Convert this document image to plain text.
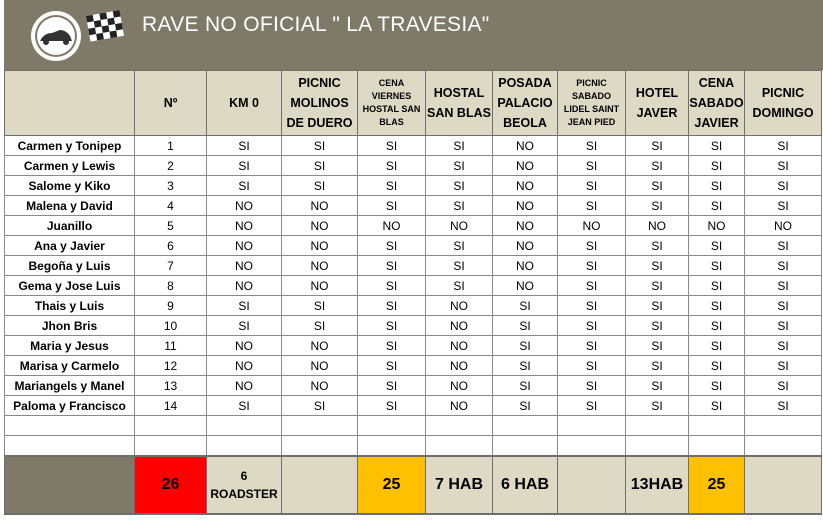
RAVE NO OFICIAL " LA TRAVESIA"
	Nº	KM 0	PICNIC MOLINOS DE DUERO	CENA VIERNES HOSTAL SAN BLAS	HOSTAL SAN BLAS	POSADA PALACIO BEOLA	PICNIC SABADO LIDEL SAINT JEAN PIED	HOTEL JAVER	CENA SABADO JAVIER	PICNIC DOMINGO
Carmen y Tonipep	1	SI	SI	SI	SI	NO	SI	SI	SI	SI
Carmen y Lewis	2	SI	SI	SI	SI	NO	SI	SI	SI	SI
Salome y Kiko	3	SI	SI	SI	SI	NO	SI	SI	SI	SI
Malena y David	4	NO	NO	SI	SI	NO	SI	SI	SI	SI
Juanillo	5	NO	NO	NO	NO	NO	NO	NO	NO	NO
Ana y Javier	6	NO	NO	SI	SI	NO	SI	SI	SI	SI
Begoña y Luis	7	NO	NO	SI	SI	NO	SI	SI	SI	SI
Gema y Jose Luis	8	NO	NO	SI	SI	NO	SI	SI	SI	SI
Thais y Luis	9	SI	SI	SI	NO	SI	SI	SI	SI	SI
Jhon Bris	10	SI	SI	SI	NO	SI	SI	SI	SI	SI
Maria y Jesus	11	NO	NO	SI	NO	SI	SI	SI	SI	SI
Marisa y Carmelo	12	NO	NO	SI	NO	SI	SI	SI	SI	SI
Mariangels y Manel	13	NO	NO	SI	NO	SI	SI	SI	SI	SI
Paloma y Francisco	14	SI	SI	SI	NO	SI	SI	SI	SI	SI

	26	6 ROADSTER		25	7 HAB	6 HAB		13HAB	25	
